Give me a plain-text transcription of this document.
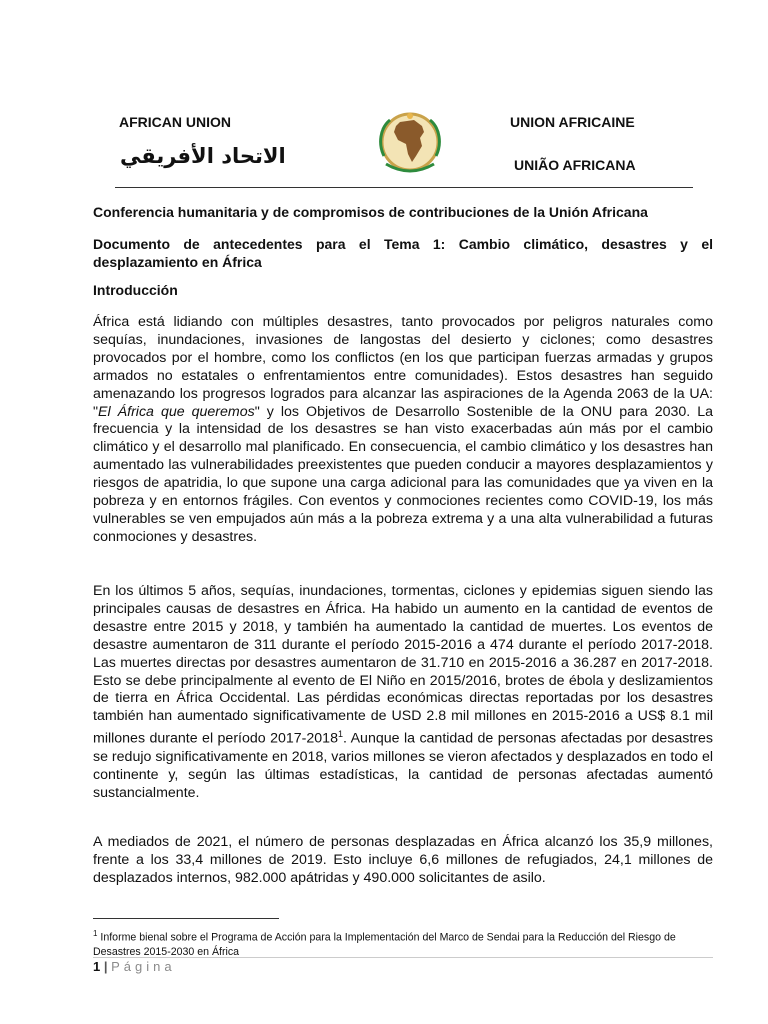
AFRICAN UNION	UNION AFRICAINE
الاتحاد الأفريقي	UNIÃO AFRICANA

Conferencia humanitaria y de compromisos de contribuciones de la Unión Africana

Documento de antecedentes para el Tema 1: Cambio climático, desastres y el desplazamiento en África

Introducción

África está lidiando con múltiples desastres, tanto provocados por peligros naturales como sequías, inundaciones, invasiones de langostas del desierto y ciclones; como desastres provocados por el hombre, como los conflictos (en los que participan fuerzas armadas y grupos armados no estatales o enfrentamientos entre comunidades). Estos desastres han seguido amenazando los progresos logrados para alcanzar las aspiraciones de la Agenda 2063 de la UA: "El África que queremos" y los Objetivos de Desarrollo Sostenible de la ONU para 2030. La frecuencia y la intensidad de los desastres se han visto exacerbadas aún más por el cambio climático y el desarrollo mal planificado. En consecuencia, el cambio climático y los desastres han aumentado las vulnerabilidades preexistentes que pueden conducir a mayores desplazamientos y riesgos de apatridia, lo que supone una carga adicional para las comunidades que ya viven en la pobreza y en entornos frágiles. Con eventos y conmociones recientes como COVID-19, los más vulnerables se ven empujados aún más a la pobreza extrema y a una alta vulnerabilidad a futuras conmociones y desastres.

En los últimos 5 años, sequías, inundaciones, tormentas, ciclones y epidemias siguen siendo las principales causas de desastres en África. Ha habido un aumento en la cantidad de eventos de desastre entre 2015 y 2018, y también ha aumentado la cantidad de muertes. Los eventos de desastre aumentaron de 311 durante el período 2015-2016 a 474 durante el período 2017-2018. Las muertes directas por desastres aumentaron de 31.710 en 2015-2016 a 36.287 en 2017-2018. Esto se debe principalmente al evento de El Niño en 2015/2016, brotes de ébola y deslizamientos de tierra en África Occidental. Las pérdidas económicas directas reportadas por los desastres también han aumentado significativamente de USD 2.8 mil millones en 2015-2016 a US$ 8.1 mil millones durante el período 2017-2018$^1$. Aunque la cantidad de personas afectadas por desastres se redujo significativamente en 2018, varios millones se vieron afectados y desplazados en todo el continente y, según las últimas estadísticas, la cantidad de personas afectadas aumentó sustancialmente.

A mediados de 2021, el número de personas desplazadas en África alcanzó los 35,9 millones, frente a los 33,4 millones de 2019. Esto incluye 6,6 millones de refugiados, 24,1 millones de desplazados internos, 982.000 apátridas y 490.000 solicitantes de asilo.

$^1$ Informe bienal sobre el Programa de Acción para la Implementación del Marco de Sendai para la Reducción del Riesgo de Desastres 2015-2030 en África
1 | Página
